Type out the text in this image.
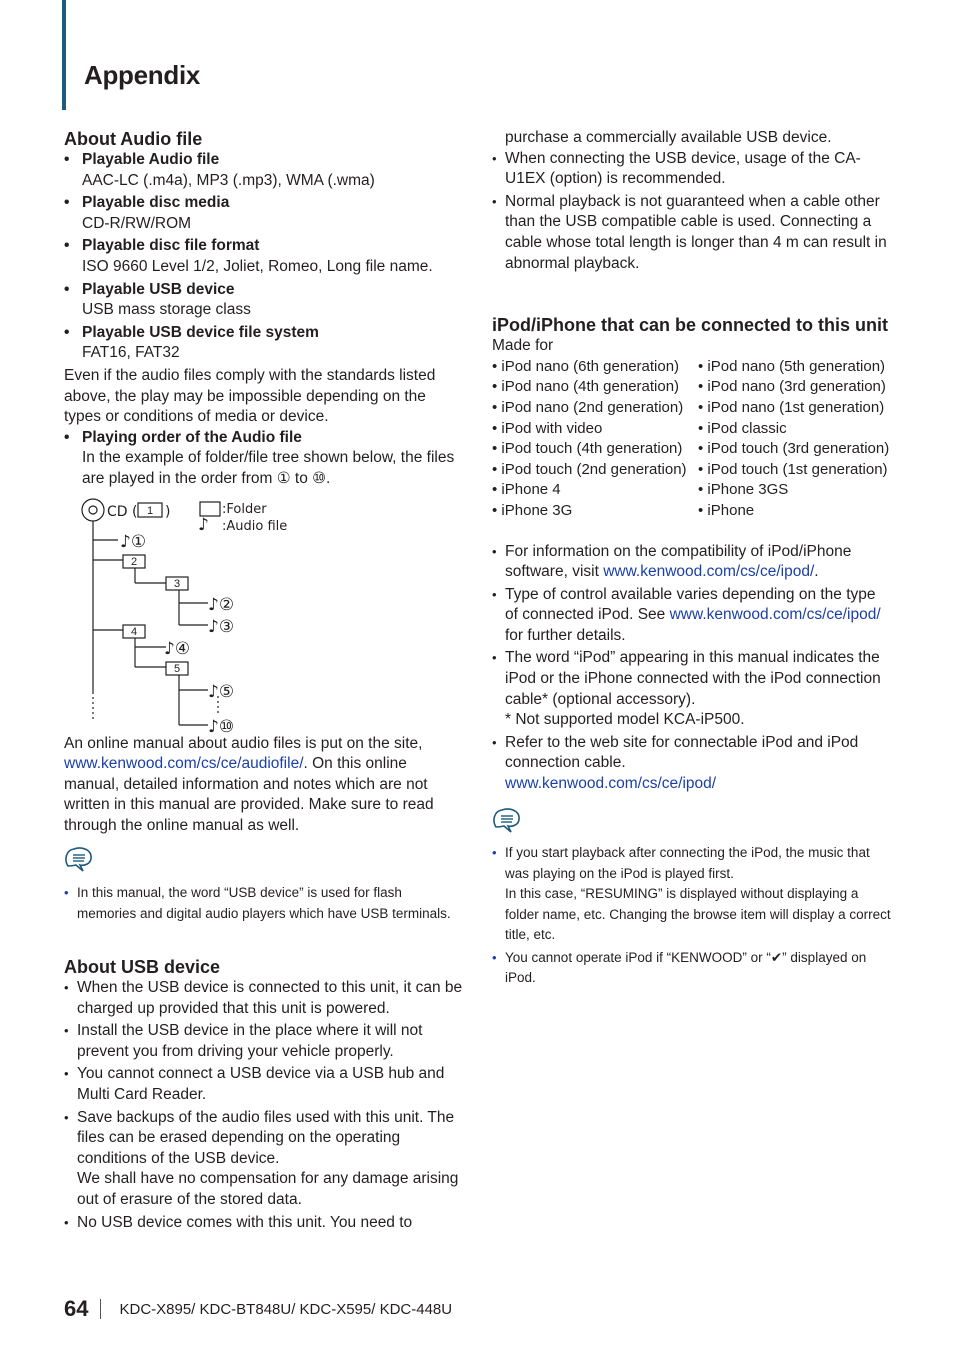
Appendix
About Audio file
• Playable Audio file
AAC-LC (.m4a), MP3 (.mp3), WMA (.wma)
• Playable disc media
CD-R/RW/ROM
• Playable disc file format
ISO 9660 Level 1/2, Joliet, Romeo, Long file name.
• Playable USB device
USB mass storage class
• Playable USB device file system
FAT16, FAT32

Even if the audio files comply with the standards listed above, the play may be impossible depending on the types or conditions of media or device.

• Playing order of the Audio file
In the example of folder/file tree shown below, the files are played in the order from ① to ⑩.
2
3
4
5
1
CD ( )
♪①
♪②
♪③
♪④
♪⑤
♪⑩
♪
:Folder
:Audio file

An online manual about audio files is put on the site, www.kenwood.com/cs/ce/audiofile/. On this online manual, detailed information and notes which are not written in this manual are provided. Make sure to read through the online manual as well.

• In this manual, the word “USB device” is used for flash memories and digital audio players which have USB terminals.
About USB device
• When the USB device is connected to this unit, it can be charged up provided that this unit is powered.
• Install the USB device in the place where it will not prevent you from driving your vehicle properly.
• You cannot connect a USB device via a USB hub and Multi Card Reader.
• Save backups of the audio files used with this unit. The files can be erased depending on the operating conditions of the USB device.
We shall have no compensation for any damage arising out of erasure of the stored data.
• No USB device comes with this unit. You need to

purchase a commercially available USB device.

• When connecting the USB device, usage of the CA-U1EX (option) is recommended.
• Normal playback is not guaranteed when a cable other than the USB compatible cable is used. Connecting a cable whose total length is longer than 4 m can result in abnormal playback.
iPod/iPhone that can be connected to this unit

Made for

• iPod nano (6th generation)	• iPod nano (5th generation)
• iPod nano (4th generation)	• iPod nano (3rd generation)
• iPod nano (2nd generation) • iPod nano (1st generation)
• iPod with video	• iPod classic
• iPod touch (4th generation)	• iPod touch (3rd generation)
• iPod touch (2nd generation) • iPod touch (1st generation)
• iPhone 4	• iPhone 3GS
• iPhone 3G	• iPhone
• For information on the compatibility of iPod/iPhone software, visit www.kenwood.com/cs/ce/ipod/.
• Type of control available varies depending on the type of connected iPod. See www.kenwood.com/cs/ce/ipod/ for further details.
• The word “iPod” appearing in this manual indicates the iPod or the iPhone connected with the iPod connection cable* (optional accessory).
* Not supported model KCA-iP500.
• Refer to the web site for connectable iPod and iPod connection cable.
www.kenwood.com/cs/ce/ipod/
• If you start playback after connecting the iPod, the music that was playing on the iPod is played first.
In this case, “RESUMING” is displayed without displaying a folder name, etc. Changing the browse item will display a correct title, etc.
• You cannot operate iPod if “KENWOOD” or “✔” displayed on iPod.
64 KDC-X895/ KDC-BT848U/ KDC-X595/ KDC-448U
